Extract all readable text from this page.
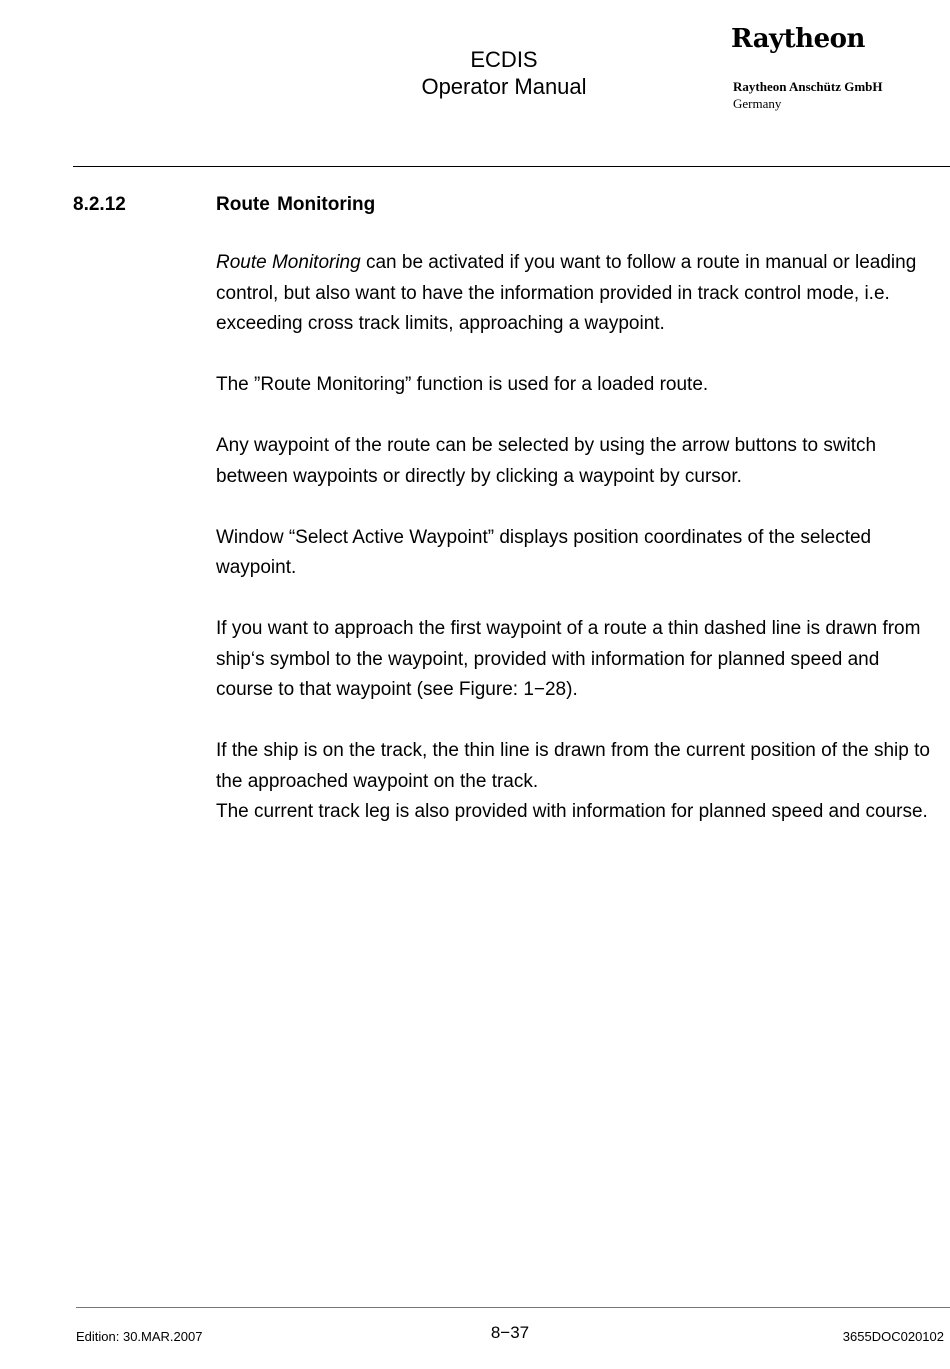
ECDIS
Operator Manual
Raytheon
Raytheon Anschütz GmbH
Germany
8.2.12	Route Monitoring

Route Monitoring can be activated if you want to follow a route in manual or leading control, but also want to have the information provided in track control mode, i.e. exceeding cross track limits, approaching a waypoint.

The ”Route Monitoring” function is used for a loaded route.

Any waypoint of the route can be selected by using the arrow buttons to switch between waypoints or directly by clicking a waypoint by cursor.

Window “Select Active Waypoint” displays position coordinates of the selected waypoint.

If you want to approach the first waypoint of a route a thin dashed line is drawn from ship‘s symbol to the waypoint, provided with information for planned speed and course to that waypoint (see Figure: 1−28).

If the ship is on the track, the thin line is drawn from the current position of the ship to the approached waypoint on the track.

The current track leg is also provided with information for planned speed and course.

Edition: 30.MAR.2007	8−37	3655DOC020102
